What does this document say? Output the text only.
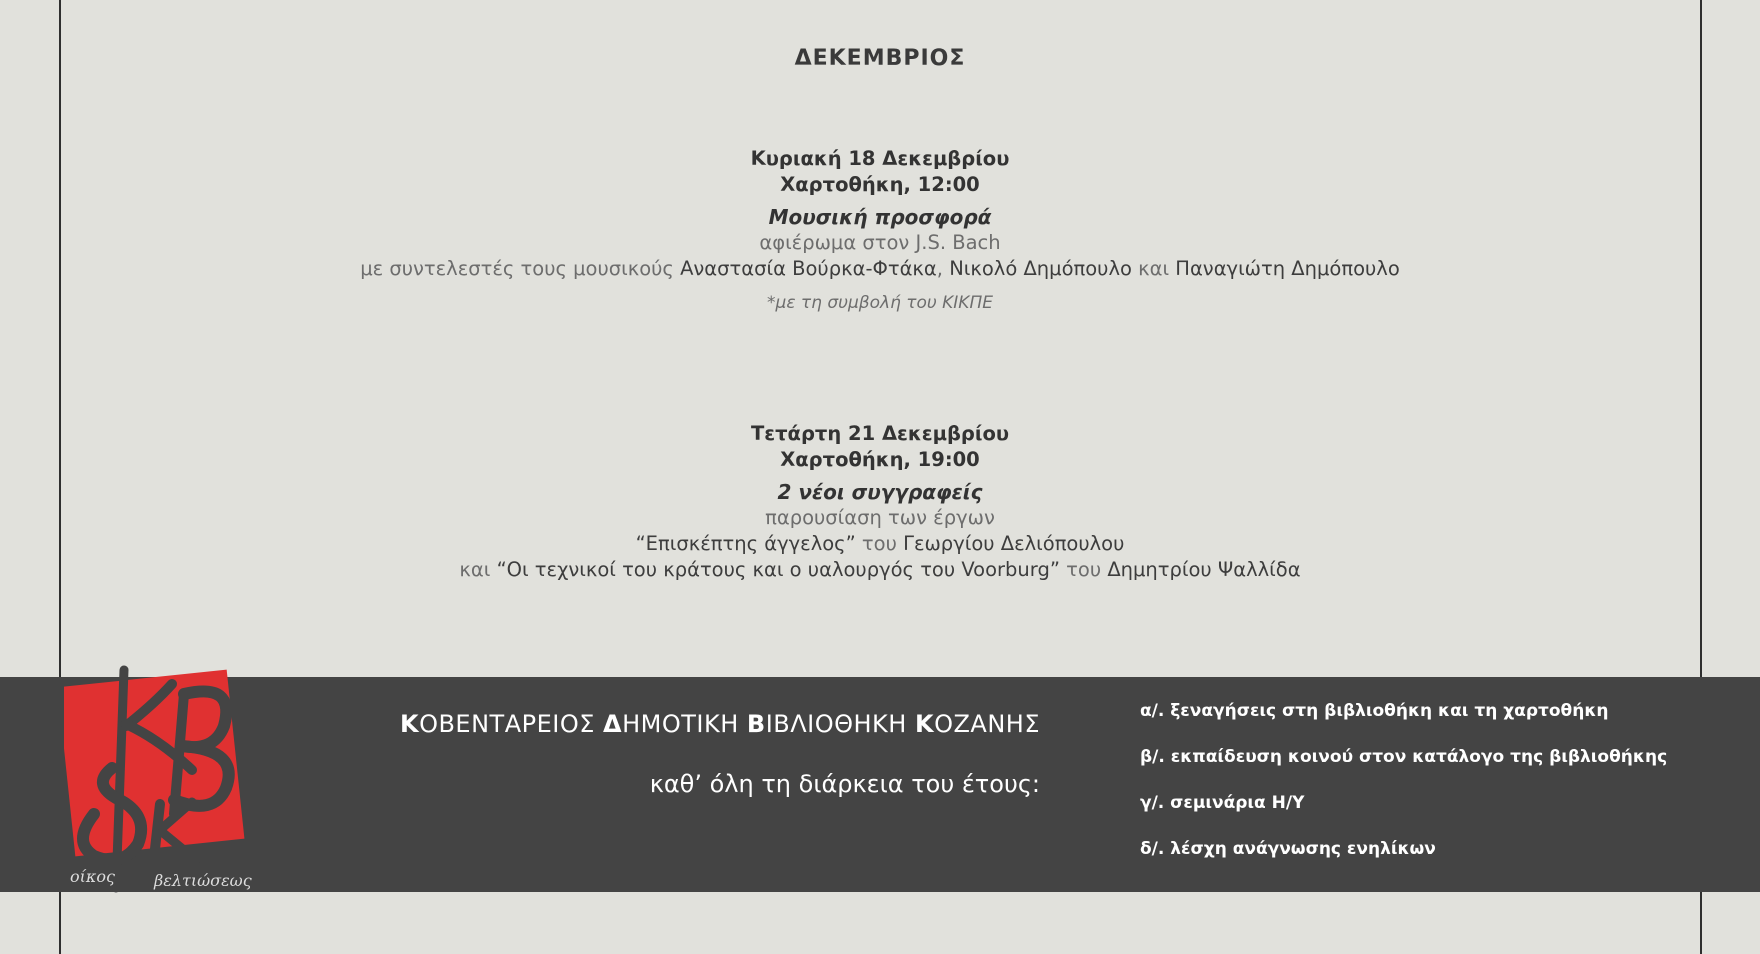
ΔΕΚΕΜΒΡΙΟΣ
Κυριακή 18 Δεκεμβρίου
Χαρτοθήκη, 12:00
Μουσική προσφορά
αφιέρωμα στον J.S. Bach
με συντελεστές τους μουσικούς Αναστασία Βούρκα-Φτάκα, Νικολό Δημόπουλο και Παναγιώτη Δημόπουλο
*με τη συμβολή του ΚΙΚΠΕ
Τετάρτη 21 Δεκεμβρίου
Χαρτοθήκη, 19:00
2 νέοι συγγραφείς
παρουσίαση των έργων
“Επισκέπτης άγγελος” του Γεωργίου Δελιόπουλου
και “Οι τεχνικοί του κράτους και ο υαλουργός του Voorburg” του Δημητρίου Ψαλλίδα
οίκος βελτιώσεως
ΚΟΒΕΝΤΑΡΕΙΟΣ ΔΗΜΟΤΙΚΗ ΒΙΒΛΙΟΘΗΚΗ ΚΟΖΑΝΗΣ
καθ’ όλη τη διάρκεια του έτους:
α/. ξεναγήσεις στη βιβλιοθήκη και τη χαρτοθήκη
β/. εκπαίδευση κοινού στον κατάλογο της βιβλιοθήκης
γ/. σεμινάρια Η/Υ
δ/. λέσχη ανάγνωσης ενηλίκων
